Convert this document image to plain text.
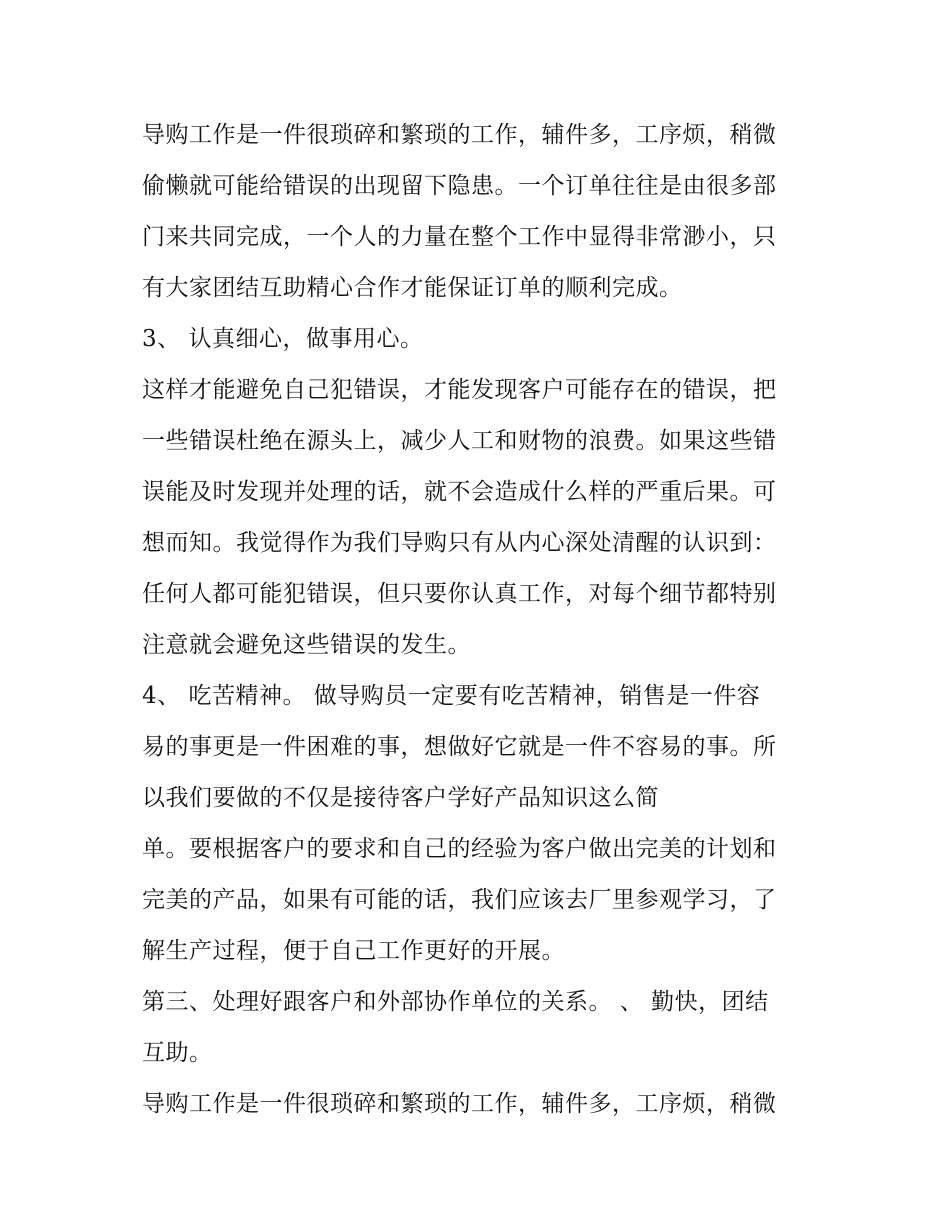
导购工作是一件很琐碎和繁琐的工作，辅件多，工序烦，稍微
偷懒就可能给错误的出现留下隐患。一个订单往往是由很多部
门来共同完成，一个人的力量在整个工作中显得非常渺小，只
有大家团结互助精心合作才能保证订单的顺利完成。
3、 认真细心，做事用心。
这样才能避免自己犯错误，才能发现客户可能存在的错误，把
一些错误杜绝在源头上，减少人工和财物的浪费。如果这些错
误能及时发现并处理的话，就不会造成什么样的严重后果。可
想而知。我觉得作为我们导购只有从内心深处清醒的认识到：
任何人都可能犯错误，但只要你认真工作，对每个细节都特别
注意就会避免这些错误的发生。
4、 吃苦精神。 做导购员一定要有吃苦精神，销售是一件容
易的事更是一件困难的事，想做好它就是一件不容易的事。所
以我们要做的不仅是接待客户学好产品知识这么简
单。要根据客户的要求和自己的经验为客户做出完美的计划和
完美的产品，如果有可能的话，我们应该去厂里参观学习，了
解生产过程，便于自己工作更好的开展。
第三、处理好跟客户和外部协作单位的关系。 、 勤快，团结
互助。
导购工作是一件很琐碎和繁琐的工作，辅件多，工序烦，稍微
